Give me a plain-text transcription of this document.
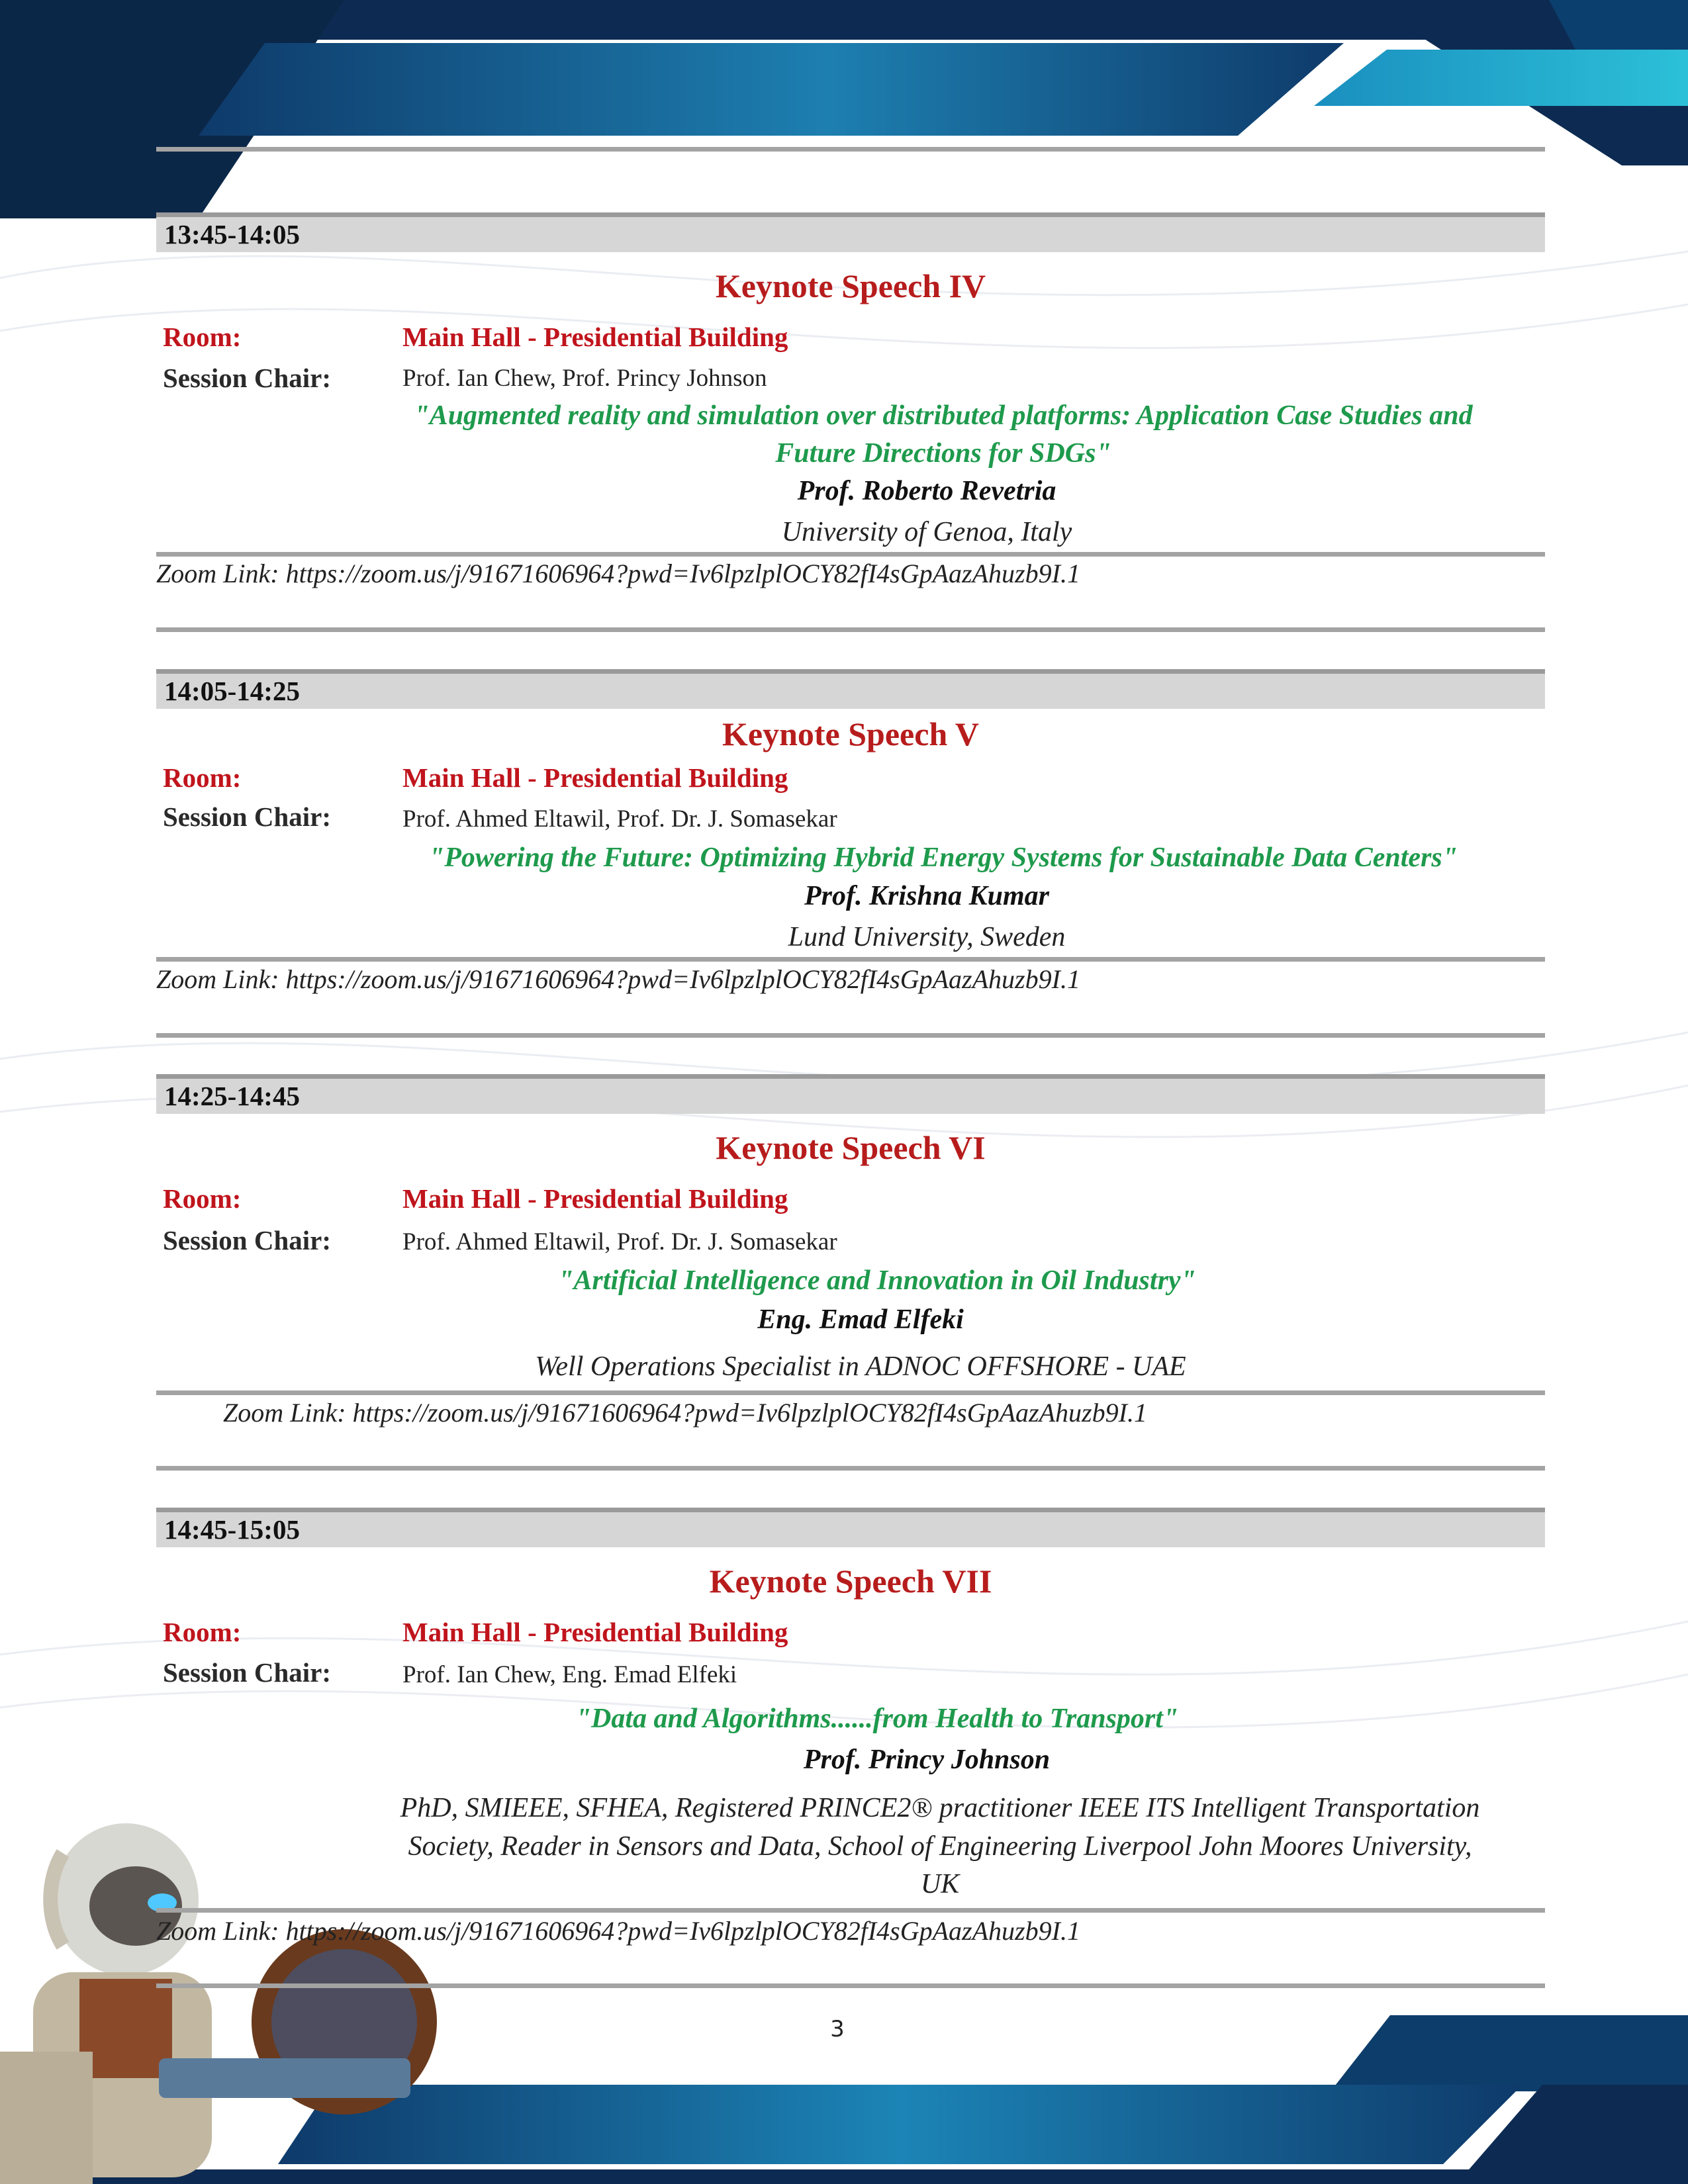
13:45-14:05
Keynote Speech IV
Room:	Main Hall - Presidential Building
Session Chair:	Prof. Ian Chew, Prof. Princy Johnson
"Augmented reality and simulation over distributed platforms: Application Case Studies and
Future Directions for SDGs"
Prof. Roberto Revetria
University of Genoa, Italy
Zoom Link: https://zoom.us/j/91671606964?pwd=Iv6lpzlplOCY82fI4sGpAazAhuzb9I.1
14:05-14:25
Keynote Speech V
Room:	Main Hall - Presidential Building
Session Chair:	Prof. Ahmed Eltawil, Prof. Dr. J. Somasekar
"Powering the Future: Optimizing Hybrid Energy Systems for Sustainable Data Centers"
Prof. Krishna Kumar
Lund University, Sweden
Zoom Link: https://zoom.us/j/91671606964?pwd=Iv6lpzlplOCY82fI4sGpAazAhuzb9I.1
14:25-14:45
Keynote Speech VI
Room:	Main Hall - Presidential Building
Session Chair:	Prof. Ahmed Eltawil, Prof. Dr. J. Somasekar
"Artificial Intelligence and Innovation in Oil Industry"
Eng. Emad Elfeki
Well Operations Specialist in ADNOC OFFSHORE - UAE
Zoom Link: https://zoom.us/j/91671606964?pwd=Iv6lpzlplOCY82fI4sGpAazAhuzb9I.1
14:45-15:05
Keynote Speech VII
Room:	Main Hall - Presidential Building
Session Chair:	Prof. Ian Chew, Eng. Emad Elfeki
"Data and Algorithms......from Health to Transport"
Prof. Princy Johnson
PhD, SMIEEE, SFHEA, Registered PRINCE2® practitioner IEEE ITS Intelligent Transportation
Society, Reader in Sensors and Data, School of Engineering Liverpool John Moores University,
UK
Zoom Link: https://zoom.us/j/91671606964?pwd=Iv6lpzlplOCY82fI4sGpAazAhuzb9I.1
3
